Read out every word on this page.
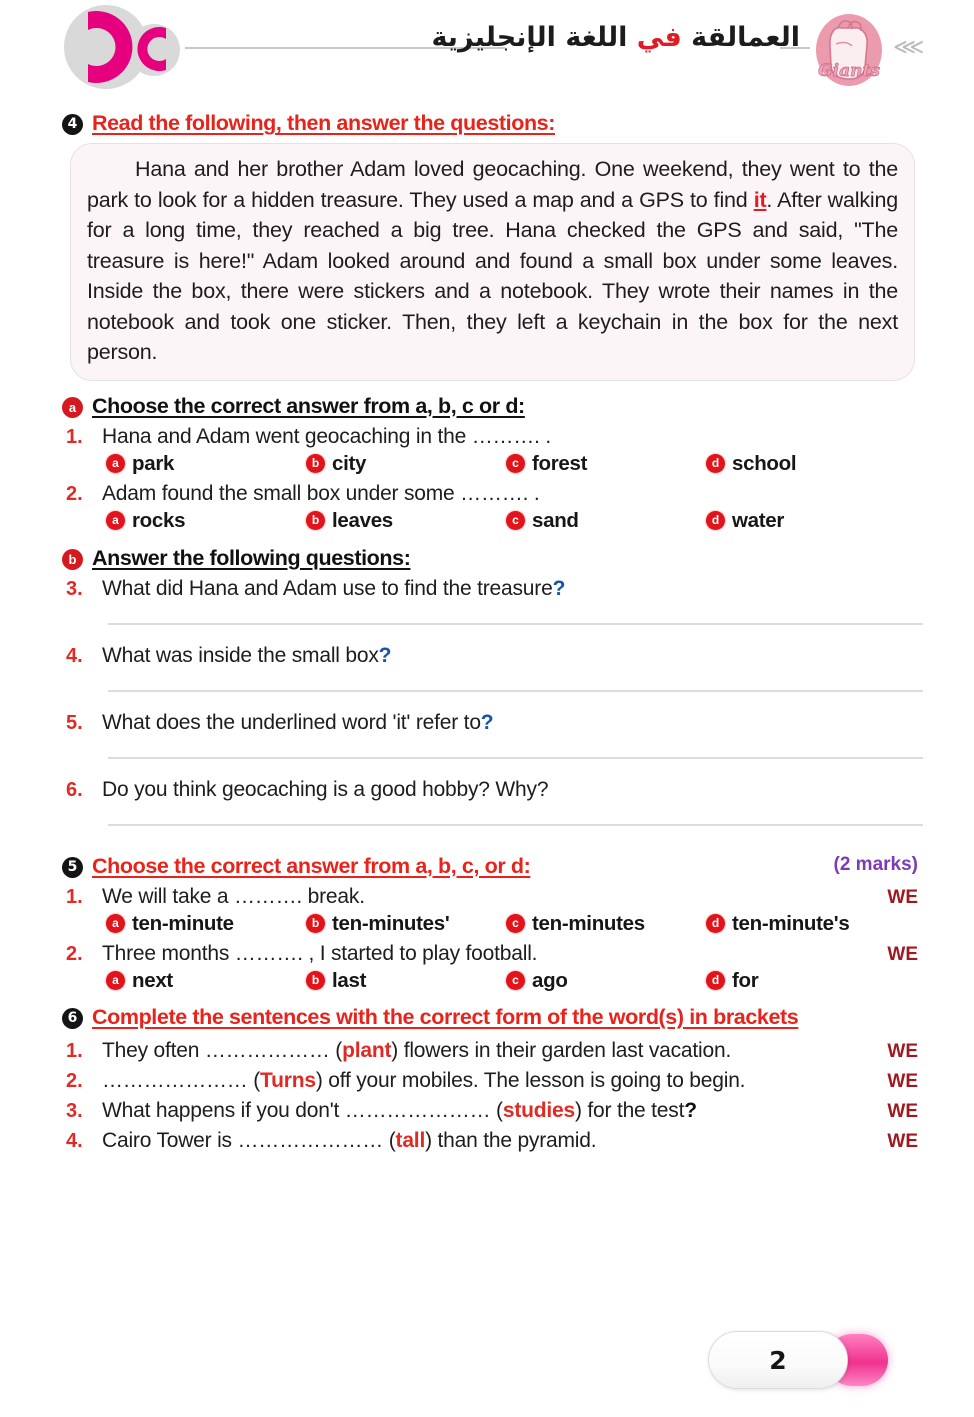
العمالقة في اللغة الإنجليزية
Giants
⋘
4 Read the following, then answer the questions:
Hana and her brother Adam loved geocaching. One weekend, they went to the park to look for a hidden treasure. They used a map and a GPS to find it. After walking for a long time, they reached a big tree. Hana checked the GPS and said, "The treasure is here!" Adam looked around and found a small box under some leaves. Inside the box, there were stickers and a notebook. They wrote their names in the notebook and took one sticker. Then, they left a keychain in the box for the next person.
a Choose the correct answer from a, b, c or d:
1. Hana and Adam went geocaching in the ………. .
a park	b city	c forest	d school
2. Adam found the small box under some ………. .
a rocks	b leaves	c sand	d water
b Answer the following questions:
3. What did Hana and Adam use to find the treasure?
4. What was inside the small box?
5. What does the underlined word 'it' refer to?
6. Do you think geocaching is a good hobby? Why?
5 Choose the correct answer from a, b, c, or d:	(2 marks)
1. We will take a ………. break.	WE
a ten-minute	b ten-minutes'	c ten-minutes	d ten-minute's
2. Three months ………. , I started to play football.	WE
a next	b last	c ago	d for
6 Complete the sentences with the correct form of the word(s) in brackets
1. They often ……………… (plant) flowers in their garden last vacation.	WE
2. ………………… (Turns) off your mobiles. The lesson is going to begin.	WE
3. What happens if you don't ………………… (studies) for the test?	WE
4. Cairo Tower is ………………… (tall) than the pyramid.	WE
2
